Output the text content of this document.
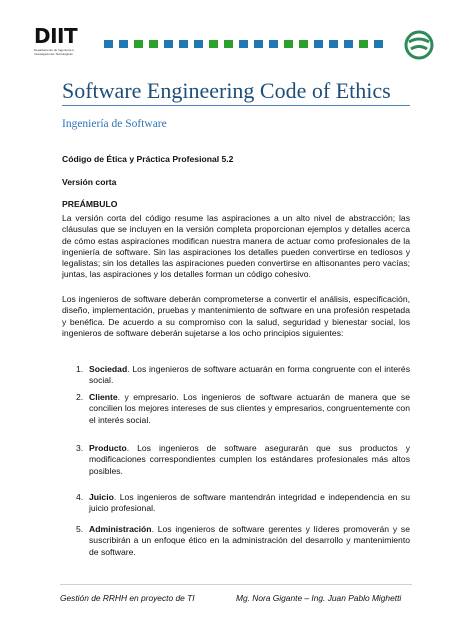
DIIT
Departamento de Ingeniería e Investigaciones Tecnológicas
Software Engineering Code of Ethics
Ingeniería de Software
Código de Ética y Práctica Profesional 5.2
Versión corta
PREÁMBULO
La versión corta del código resume las aspiraciones a un alto nivel de abstracción; las cláusulas que se incluyen en la versión completa proporcionan ejemplos y detalles acerca de cómo estas aspiraciones modifican nuestra manera de actuar como profesionales de la ingeniería de software. Sin las aspiraciones los detalles pueden convertirse en tediosos y legalistas; sin los detalles las aspiraciones pueden convertirse en altisonantes pero vacías; juntas, las aspiraciones y los detalles forman un código cohesivo.
Los ingenieros de software deberán comprometerse a convertir el análisis, especificación, diseño, implementación, pruebas y mantenimiento de software en una profesión respetada y benéfica. De acuerdo a su compromiso con la salud, seguridad y bienestar social, los ingenieros de software deberán sujetarse a los ocho principios siguientes:
1. Sociedad. Los ingenieros de software actuarán en forma congruente con el interés social.
2. Cliente. y empresario. Los ingenieros de software actuarán de manera que se concilien los mejores intereses de sus clientes y empresarios, congruentemente con el interés social.
3. Producto. Los ingenieros de software asegurarán que sus productos y modificaciones correspondientes cumplen los estándares profesionales más altos posibles.
4. Juicio. Los ingenieros de software mantendrán integridad e independencia en su juicio profesional.
5. Administración. Los ingenieros de software gerentes y líderes promoverán y se suscribirán a un enfoque ético en la administración del desarrollo y mantenimiento de software.
Gestión de RRHH en proyecto de TI	Mg. Nora Gigante – Ing. Juan Pablo Mighetti
